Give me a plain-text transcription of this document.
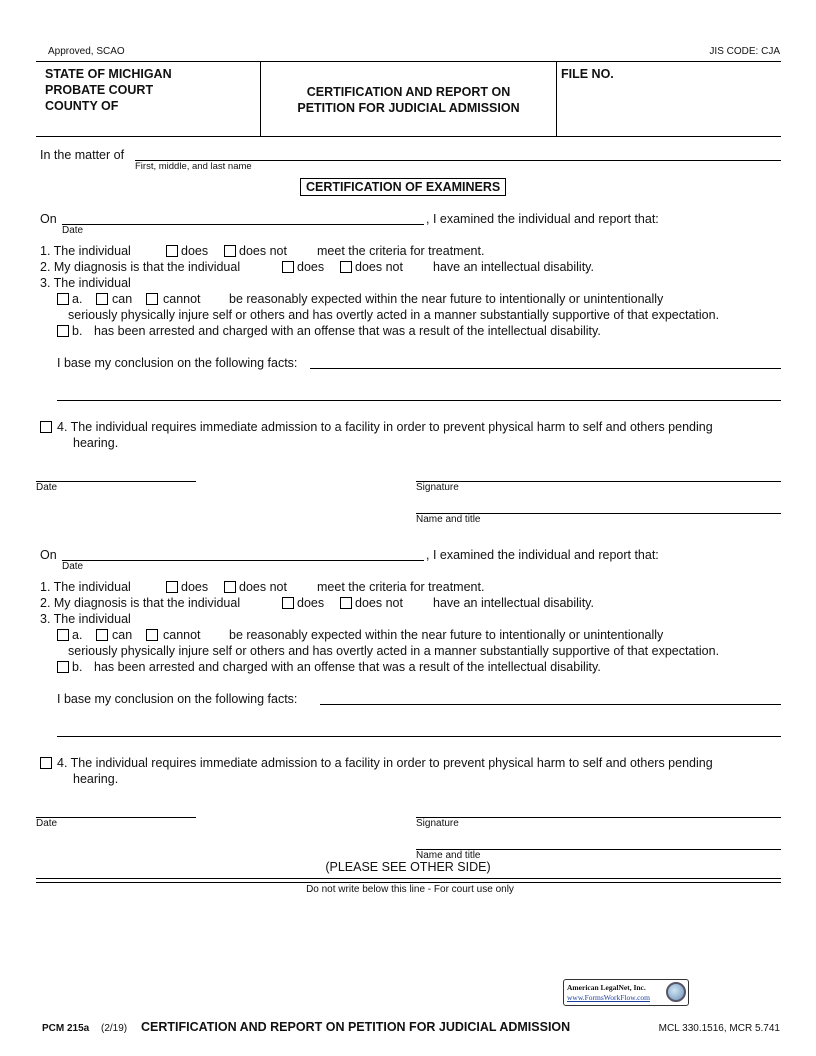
Approved, SCAO	JIS CODE: CJA
STATE OF MICHIGAN
PROBATE COURT
COUNTY OF
CERTIFICATION AND REPORT ON
PETITION FOR JUDICIAL ADMISSION
FILE NO.
In the matter of
First, middle, and last name
CERTIFICATION OF EXAMINERS
On
Date
, I examined the individual and report that:
1. The individual	does does not meet the criteria for treatment.
2. My diagnosis is that the individual	does does not have an intellectual disability.
3. The individual
a. can cannot be reasonably expected within the near future to intentionally or unintentionally
seriously physically injure self or others and has overtly acted in a manner substantially supportive of that expectation.
b. has been arrested and charged with an offense that was a result of the intellectual disability.
I base my conclusion on the following facts:
4. The individual requires immediate admission to a facility in order to prevent physical harm to self and others pending
hearing.
Date	Signature
Name and title
On
Date
, I examined the individual and report that:
1. The individual	does does not meet the criteria for treatment.
2. My diagnosis is that the individual	does does not have an intellectual disability.
3. The individual
a. can cannot be reasonably expected within the near future to intentionally or unintentionally
seriously physically injure self or others and has overtly acted in a manner substantially supportive of that expectation.
b. has been arrested and charged with an offense that was a result of the intellectual disability.
I base my conclusion on the following facts:
4. The individual requires immediate admission to a facility in order to prevent physical harm to self and others pending
hearing.
Date	Signature
Name and title
(PLEASE SEE OTHER SIDE)
Do not write below this line - For court use only
American LegalNet, Inc.
www.FormsWorkFlow.com
PCM 215a (2/19) CERTIFICATION AND REPORT ON PETITION FOR JUDICIAL ADMISSION	MCL 330.1516, MCR 5.741
